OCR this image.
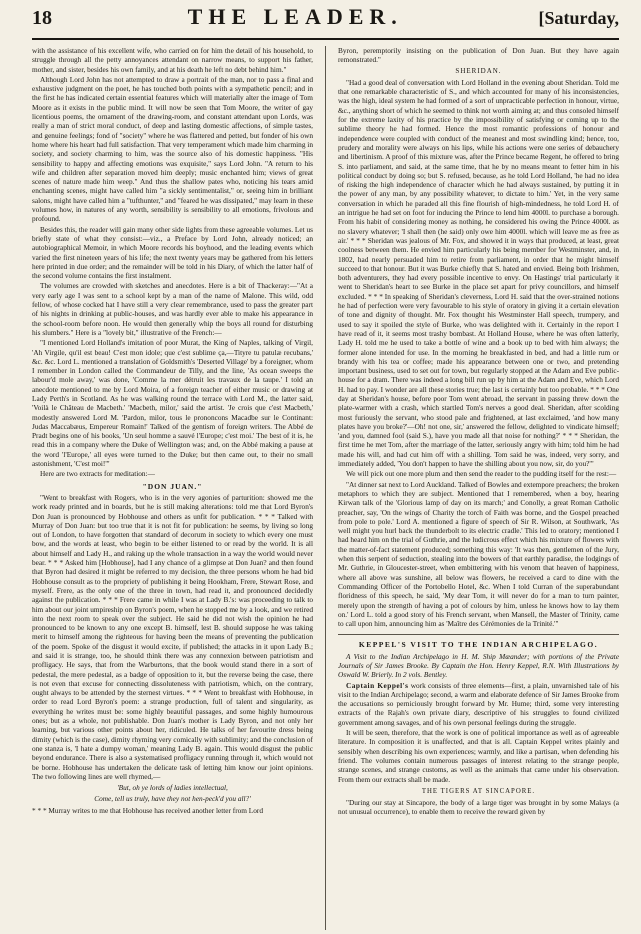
18	THE LEADER.	[Saturday,

with the assistance of his excellent wife, who carried on for him the detail of his household, to struggle through all the petty annoyances attendant on narrow means, to support his father, mother, and sister, besides his own family, and at his death he left no debt behind him."

Although Lord John has not attempted to draw a portrait of the man, nor to pass a final and exhaustive judgment on the poet, he has touched both points with a sympathetic pencil; and in the first he has indicated certain essential features which will materially alter the image of Tom Moore as it exists in the public mind. It will now be seen that Tom Moore, the writer of gay licentious poems, the ornament of the drawing-room, and constant attendant upon Lords, was really a man of strict moral conduct, of deep and lasting domestic affections, of simple tastes, and genuine feelings; fond of "society" where he was flattered and petted, but fonder of his own home where his heart had full satisfaction. That very temperament which made him charming in society, and society charming to him, was the source also of his domestic happiness. "His sensibility to happy and affecting emotions was exquisite," says Lord John. "A return to his wife and children after separation moved him deeply; music enchanted him; views of great scenes of nature made him weep." And thus the shallow pates who, noticing his tears amid enchanting scenes, might have called him "a sickly sentimentalist," or, seeing him in brilliant salons, might have called him a "tufthunter," and "feared he was dissipated," may learn in these volumes how, in natures of any worth, sensibility is sensibility to all emotions, frivolous and profound.

Besides this, the reader will gain many other side lights from these agreeable volumes. Let us briefly state of what they consist:—viz., a Preface by Lord John, already noticed; an autobiographical Memoir, in which Moore records his boyhood, and the leading events which varied the first nineteen years of his life; the next twenty years may be gathered from his letters here printed in due order; and the remainder will be told in his Diary, of which the latter half of the second volume contains the first instalment.

The volumes are crowded with sketches and anecdotes. Here is a bit of Thackeray:—"At a very early age I was sent to a school kept by a man of the name of Malone. This wild, odd fellow, of whose cocked hat I have still a very clear remembrance, used to pass the greater part of his nights in drinking at public-houses, and was hardly ever able to make his appearance in the school-room before noon. He would then generally whip the boys all round for disturbing his slumbers." Here is a "lovely bit," illustrative of the French:—

"I mentioned Lord Holland's imitation of poor Murat, the King of Naples, talking of Virgil, 'Ah Virgile, qu'il est beau! C'est mon idole; que c'est sublime ça,—Tityre tu patulæ recubans,' &c. &c. Lord L. mentioned a translation of Goldsmith's 'Deserted Village' by a foreigner, whom I remember in London called the Commandeur de Tilly, and the line, 'As ocean sweeps the labour'd mole away,' was done, 'Comme la mer détruit les travaux de la taupe.' I told an anecdote mentioned to me by Lord Moira, of a foreign teacher of either music or drawing at Lady Perth's in Scotland. As he was walking round the terrace with Lord M., the latter said, 'Voilà le Château de Macbeth.' 'Macbeth, milor,' said the artist. 'Je crois que c'est Macbeth,' modestly answered Lord M. 'Pardon, milor, tous le prononcons Macadbe sur le Continant: Judas Maccabæus, Empereur Romain!' Talked of the gentism of foreign writers. The Abbé de Pradt begins one of his books, 'Un seul homme a sauvé l'Europe; c'est moi.' The best of it is, he read this in a company where the Duke of Wellington was; and, on the Abbé making a pause at the word 'l'Europe,' all eyes were turned to the Duke; but then came out, to their no small astonishment, 'C'est moi!'"

Here are two extracts for meditation:—

"DON JUAN."

"Went to breakfast with Rogers, who is in the very agonies of parturition: showed me the work ready printed and in boards, but he is still making alterations: told me that Lord Byron's Don Juan is pronounced by Hobhouse and others as unfit for publication. * * * Talked with Murray of Don Juan: but too true that it is not fit for publication: he seems, by living so long out of London, to have forgotten that standard of decorum in society to which every one must bow, and the words at least, who begin to be either listened to or read by the world. It is all about himself and Lady H., and raking up the whole transaction in a way the world would never bear. * * * Asked him [Hobhouse], had I any chance of a glimpse at Don Juan? and then found that Byron had desired it might be referred to my decision, the three persons whom he had bid Hobhouse consult as to the propriety of publishing it being Hookham, Frere, Stewart Rose, and myself. Frere, as the only one of the three in town, had read it, and pronounced decidedly against the publication. * * * Frere came in while I was at Lady B.'s: was proceeding to talk to him about our joint umpireship on Byron's poem, when he stopped me by a look, and we retired into the next room to speak over the subject. He said he did not wish the opinion he had pronounced to be known to any one except B. himself, lest B. should suppose he was taking merit to himself among the righteous for having been the means of preventing the publication of the poem. Spoke of the disgust it would excite, if published; the attacks in it upon Lady B.; and said it is strange, too, he should think there was any connexion between patriotism and profligacy. He says, that from the Warburtons, that the book would stand there in a sort of pedestal, the mere pedestal, as a badge of opposition to it, but the reverse being the case, there is not even that excuse for connecting dissoluteness with patriotism, which, on the contrary, ought always to be attended by the sternest virtues. * * * Went to breakfast with Hobhouse, in order to read Lord Byron's poem: a strange production, full of talent and singularity, as everything he writes must be: some highly beautiful passages, and some highly humourous ones; but as a whole, not publishable. Don Juan's mother is Lady Byron, and not only her learning, but various other points about her, ridiculed. He talks of her favourite dress being dimity (which is the case), dimity rhyming very comically with sublimity; and the conclusion of one stanza is, 'I hate a dumpy woman,' meaning Lady B. again. This would disgust the public beyond endurance. There is also a systematised profligacy running through it, which would not be borne. Hobhouse has undertaken the delicate task of letting him know our joint opinions. The two following lines are well rhymed,—

'But, oh ye lords of ladies intellectual,
Come, tell us truly, have they not hen-peck'd you all?'

* * * Murray writes to me that Hobhouse has received another letter from Lord

Byron, peremptorily insisting on the publication of Don Juan. But they have again remonstrated."

SHERIDAN.

"Had a good deal of conversation with Lord Holland in the evening about Sheridan. Told me that one remarkable characteristic of S., and which accounted for many of his inconsistencies, was the high, ideal system he had formed of a sort of unpracticable perfection in honour, virtue, &c., anything short of which he seemed to think not worth aiming at; and thus consoled himself for the extreme laxity of his practice by the impossibility of satisfying or coming up to the sublime theory he had formed. Hence the most romantic professions of honour and independence were coupled with conduct of the meanest and most swindling kind; hence, too, prudery and morality were always on his lips, while his actions were one series of debauchery and libertinism. A proof of this mixture was, after the Prince became Regent, he offered to bring S. into parliament, and said, at the same time, that he by no means meant to fetter him in his political conduct by doing so; but S. refused, because, as he told Lord Holland, 'he had no idea of risking the high independence of character which he had always sustained, by putting it in the power of any man, by any possibility whatever, to dictate to him.' Yet, in the very same conversation in which he paraded all this fine flourish of high-mindedness, he told Lord H. of an intrigue he had set on foot for inducing the Prince to lend him 4000l. to purchase a borough. From his habit of considering money as nothing, he considered his owing the Prince 4000l. as no slavery whatever; 'I shall then (he said) only owe him 4000l. which will leave me as free as air.' * * * Sheridan was jealous of Mr. Fox, and showed it in ways that produced, at least, great coolness between them. He envied him particularly his being member for Westminster, and, in 1802, had nearly persuaded him to retire from parliament, in order that he might himself succeed to that honour. But it was Burke chiefly that S. hated and envied. Being both Irishmen, both adventurers, they had every possible incentive to envy. On Hastings' trial particularly it went to Sheridan's heart to see Burke in the place set apart for privy councillors, and himself excluded. * * * In speaking of Sheridan's cleverness, Lord H. said that the over-strained notions he had of perfection were very favourable to his style of oratory in giving it a certain elevation of tone and dignity of thought. Mr. Fox thought his Westminster Hall speech, trumpery, and used to say it spoiled the style of Burke, who was delighted with it. Certainly in the report I have read of it, it seems most trashy bombast. At Holland House, where he was often latterly, Lady H. told me he used to take a bottle of wine and a book up to bed with him always; the former alone intended for use. In the morning he breakfasted in bed, and had a little rum or brandy with his tea or coffee; made his appearance between one or two, and pretending important business, used to set out for town, but regularly stopped at the Adam and Eve public-house for a dram. There was indeed a long bill run up by him at the Adam and Eve, which Lord H. had to pay. I wonder are all these stories true; the last is certainly but too probable. * * * One day at Sheridan's house, before poor Tom went abroad, the servant in passing threw down the plate-warmer with a crash, which startled Tom's nerves a good deal. Sheridan, after scolding most furiously the servant, who stood pale and frightened, at last exclaimed, 'and how many plates have you broke?'—Oh! not one, sir,' answered the fellow, delighted to vindicate himself; 'and you, damned fool (said S.), have you made all that noise for nothing?' * * * Sheridan, the first time he met Tom, after the marriage of the latter, seriously angry with him; told him he had made his will, and had cut him off with a shilling. Tom said he was, indeed, very sorry, and immediately added, 'You don't happen to have the shilling about you now, sir, do you?'"

We will pick out one more plum and then send the reader to the pudding itself for the rest:—

"At dinner sat next to Lord Auckland. Talked of Bowles and extempore preachers; the broken metaphors to which they are subject. Mentioned that I remembered, when a boy, hearing Kirwan talk of the 'Glorious lamp of day on its march;' and Conolly, a great Roman Catholic preacher, say, 'On the wings of Charity the torch of Faith was borne, and the Gospel preached from pole to pole.' Lord A. mentioned a figure of speech of Sir R. Wilson, at Southwark, 'As well might you hurl back the thunderbolt to its electric cradle.' This led to oratory; mentioned I had heard him on the trial of Guthrie, and the ludicrous effect which his mixture of flowers with the matter-of-fact statement produced; something this way: 'It was then, gentlemen of the Jury, when this serpent of seduction, stealing into the bowers of that earthly paradise, the lodgings of Mr. Guthrie, in Gloucester-street, when embittering with his venom that heaven of happiness, where all above was sunshine, all below was flowers, he received a card to dine with the Commanding Officer of the Portobello Hotel, &c. When I told Curran of the superabundant floridness of this speech, he said, 'My dear Tom, it will never do for a man to turn painter, merely upon the strength of having a pot of colours by him, unless he knows how to lay them on.' Lord L. told a good story of his French servant, when Mansell, the Master of Trinity, came to call upon him, announcing him as 'Maître des Cérémonies de la Trinité.'"

KEPPEL'S VISIT TO THE INDIAN ARCHIPELAGO.

A Visit to the Indian Archipelago in H. M. Ship Mæander; with portions of the Private Journals of Sir James Brooke. By Captain the Hon. Henry Keppel, R.N. With Illustrations by Oswald W. Brierly. In 2 vols. Bentley.

Captain Keppel's work consists of three elements—first, a plain, unvarnished tale of his visit to the Indian Archipelago; second, a warm and elaborate defence of Sir James Brooke from the accusations so perniciously brought forward by Mr. Hume; third, some very interesting extracts of the Rajah's own private diary, descriptive of his struggles to found civilized government among savages, and of his own personal feelings during the struggle.

It will be seen, therefore, that the work is one of political importance as well as of agreeable literature. In composition it is unaffected, and that is all. Captain Keppel writes plainly and sensibly when describing his own experiences; warmly, and like a partisan, when defending his friend. The volumes contain numerous passages of interest relating to the strange people, strange scenes, and strange customs, as well as the animals that came under his observation. From them our extracts shall be made.

THE TIGERS AT SINCAPORE.

"During our stay at Sincapore, the body of a large tiger was brought in by some Malays (a not unusual occurrence), to enable them to receive the reward given by
